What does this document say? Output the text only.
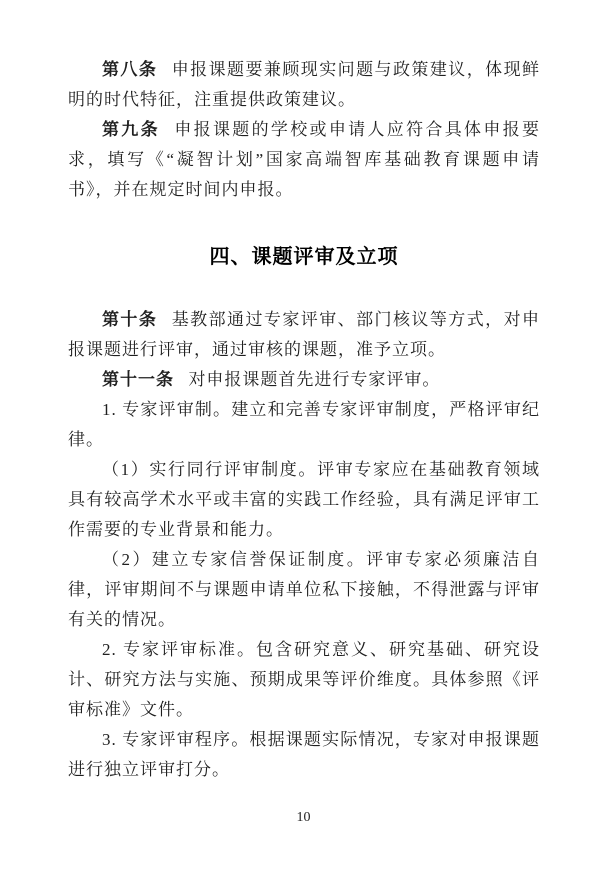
第八条 申报课题要兼顾现实问题与政策建议，体现鲜明的时代特征，注重提供政策建议。

第九条 申报课题的学校或申请人应符合具体申报要求，填写《“凝智计划”国家高端智库基础教育课题申请书》，并在规定时间内申报。

四、课题评审及立项

第十条 基教部通过专家评审、部门核议等方式，对申报课题进行评审，通过审核的课题，准予立项。

第十一条 对申报课题首先进行专家评审。

1. 专家评审制。建立和完善专家评审制度，严格评审纪律。

（1）实行同行评审制度。评审专家应在基础教育领域具有较高学术水平或丰富的实践工作经验，具有满足评审工作需要的专业背景和能力。

（2）建立专家信誉保证制度。评审专家必须廉洁自律，评审期间不与课题申请单位私下接触，不得泄露与评审有关的情况。

2. 专家评审标准。包含研究意义、研究基础、研究设计、研究方法与实施、预期成果等评价维度。具体参照《评审标准》文件。

3. 专家评审程序。根据课题实际情况，专家对申报课题进行独立评审打分。

10
